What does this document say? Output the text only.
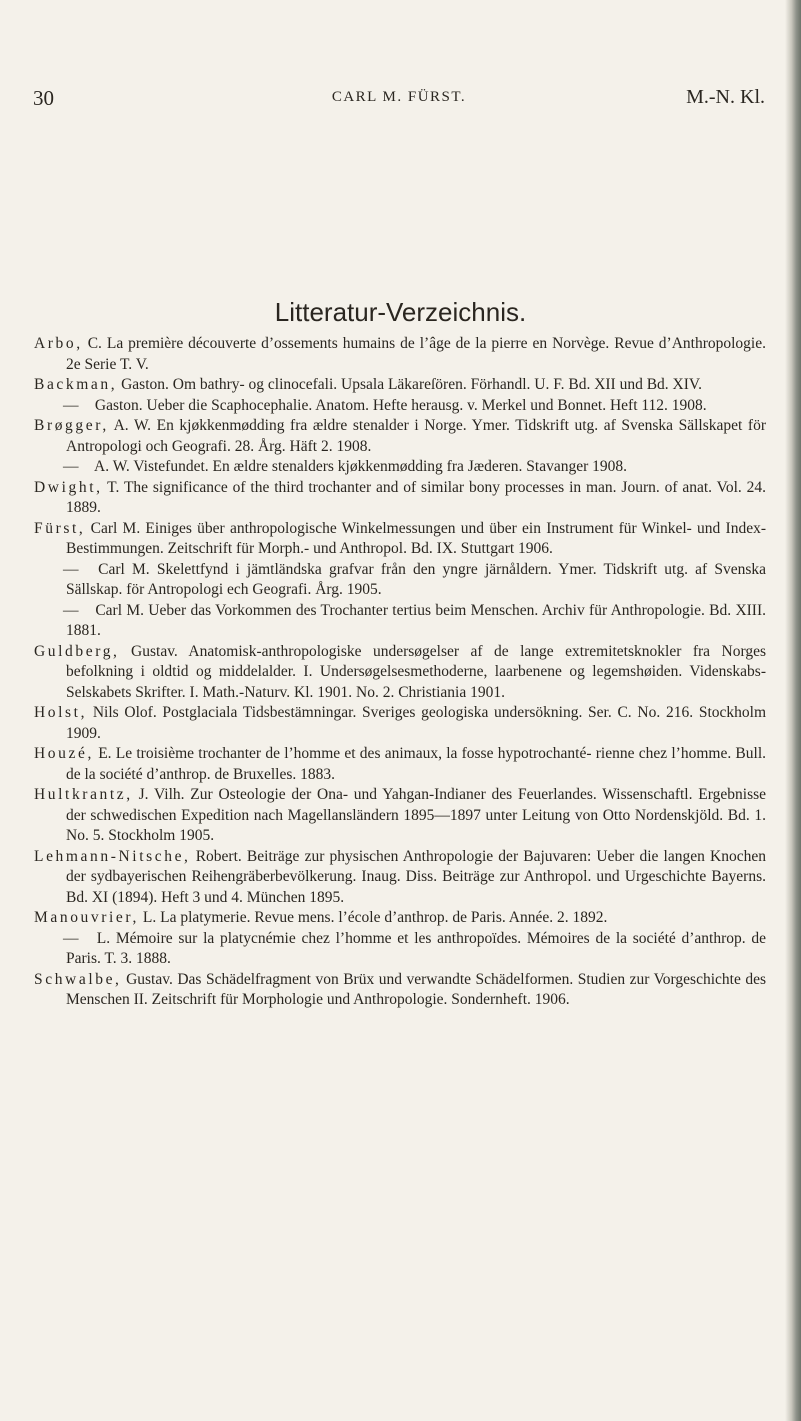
30	CARL M. FÜRST.	M.-N. Kl.
Litteratur-Verzeichnis.

Arbo, C. La première découverte d’ossements humains de l’âge de la pierre en Norvège. Revue d’Anthropologie. 2e Serie T. V.

Backman, Gaston. Om bathry- og clinocefali. Upsala Läkareſören. Förhandl. U. F. Bd. XII und Bd. XIV.

— Gaston. Ueber die Scaphocephalie. Anatom. Hefte herausg. v. Merkel und Bonnet. Heft 112. 1908.

Brøgger, A. W. En kjøkkenmødding fra ældre stenalder i Norge. Ymer. Tidskrift utg. af Svenska Sällskapet för Antropologi och Geografi. 28. Årg. Häft 2. 1908.

— A. W. Vistefundet. En ældre stenalders kjøkkenmødding fra Jæderen. Stavanger 1908.

Dwight, T. The significance of the third trochanter and of similar bony processes in man. Journ. of anat. Vol. 24. 1889.

Fürst, Carl M. Einiges über anthropologische Winkelmessungen und über ein Instrument für Winkel- und Index-Bestimmungen. Zeitschrift für Morph.- und Anthropol. Bd. IX. Stuttgart 1906.

— Carl M. Skelettfynd i jämtländska grafvar från den yngre järnåldern. Ymer. Tidskrift utg. af Svenska Sällskap. för Antropologi ech Geografi. Årg. 1905.

— Carl M. Ueber das Vorkommen des Trochanter tertius beim Menschen. Archiv für Anthropologie. Bd. XIII. 1881.

Guldberg, Gustav. Anatomisk-anthropologiske undersøgelser af de lange extremitetsknokler fra Norges befolkning i oldtid og middelalder. I. Undersøgelsesmethoderne, laarbenene og legemshøiden. Videnskabs-Selskabets Skrifter. I. Math.-Naturv. Kl. 1901. No. 2. Christiania 1901.

Holst, Nils Olof. Postglaciala Tidsbestämningar. Sveriges geologiska undersökning. Ser. C. No. 216. Stockholm 1909.

Houzé, E. Le troisième trochanter de l’homme et des animaux, la fosse hypotrochanté- rienne chez l’homme. Bull. de la société d’anthrop. de Bruxelles. 1883.

Hultkrantz, J. Vilh. Zur Osteologie der Ona- und Yahgan-Indianer des Feuerlandes. Wissenschaftl. Ergebnisse der schwedischen Expedition nach Magellansländern 1895—1897 unter Leitung von Otto Nordenskjöld. Bd. 1. No. 5. Stockholm 1905.

Lehmann-Nitsche, Robert. Beiträge zur physischen Anthropologie der Bajuvaren: Ueber die langen Knochen der sydbayerischen Reihengräberbevölkerung. Inaug. Diss. Beiträge zur Anthropol. und Urgeschichte Bayerns. Bd. XI (1894). Heft 3 und 4. München 1895.

Manouvrier, L. La platymerie. Revue mens. l’école d’anthrop. de Paris. Année. 2. 1892.

— L. Mémoire sur la platycnémie chez l’homme et les anthropoïdes. Mémoires de la société d’anthrop. de Paris. T. 3. 1888.

Schwalbe, Gustav. Das Schädelfragment von Brüx und verwandte Schädelformen. Studien zur Vorgeschichte des Menschen II. Zeitschrift für Morphologie und Anthropologie. Sondernheft. 1906.
